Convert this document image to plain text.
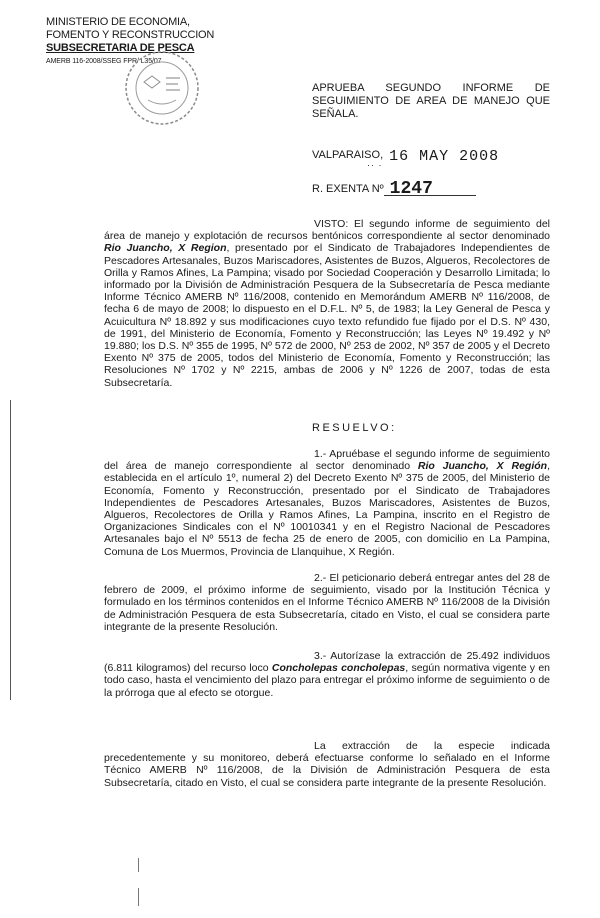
MINISTERIO DE ECONOMIA,
FOMENTO Y RECONSTRUCCION
SUBSECRETARIA DE PESCA
AMERB 116-2008/SSEG FPR/ L35/07
APRUEBA SEGUNDO INFORME DE SEGUIMIENTO DE AREA DE MANEJO QUE SEÑALA.
VALPARAISO, 16 MAY 2008
·· ·
R. EXENTA Nº 1247
VISTO: El segundo informe de seguimiento del área de manejo y explotación de recursos bentónicos correspondiente al sector denominado Rio Juancho, X Region, presentado por el Sindicato de Trabajadores Independientes de Pescadores Artesanales, Buzos Mariscadores, Asistentes de Buzos, Algueros, Recolectores de Orilla y Ramos Afines, La Pampina; visado por Sociedad Cooperación y Desarrollo Limitada; lo informado por la División de Administración Pesquera de la Subsecretaría de Pesca mediante Informe Técnico AMERB Nº 116/2008, contenido en Memorándum AMERB Nº 116/2008, de fecha 6 de mayo de 2008; lo dispuesto en el D.F.L. Nº 5, de 1983; la Ley General de Pesca y Acuicultura Nº 18.892 y sus modificaciones cuyo texto refundido fue fijado por el D.S. Nº 430, de 1991, del Ministerio de Economía, Fomento y Reconstrucción; las Leyes Nº 19.492 y Nº 19.880; los D.S. Nº 355 de 1995, Nº 572 de 2000, Nº 253 de 2002, Nº 357 de 2005 y el Decreto Exento Nº 375 de 2005, todos del Ministerio de Economía, Fomento y Reconstrucción; las Resoluciones Nº 1702 y Nº 2215, ambas de 2006 y Nº 1226 de 2007, todas de esta Subsecretaría.
RESUELVO:
1.- Apruébase el segundo informe de seguimiento del área de manejo correspondiente al sector denominado Rio Juancho, X Región, establecida en el artículo 1º, numeral 2) del Decreto Exento Nº 375 de 2005, del Ministerio de Economía, Fomento y Reconstrucción, presentado por el Sindicato de Trabajadores Independientes de Pescadores Artesanales, Buzos Mariscadores, Asistentes de Buzos, Algueros, Recolectores de Orilla y Ramos Afines, La Pampina, inscrito en el Registro de Organizaciones Sindicales con el Nº 10010341 y en el Registro Nacional de Pescadores Artesanales bajo el Nº 5513 de fecha 25 de enero de 2005, con domicilio en La Pampina, Comuna de Los Muermos, Provincia de Llanquihue, X Región.
2.- El peticionario deberá entregar antes del 28 de febrero de 2009, el próximo informe de seguimiento, visado por la Institución Técnica y formulado en los términos contenidos en el Informe Técnico AMERB Nº 116/2008 de la División de Administración Pesquera de esta Subsecretaría, citado en Visto, el cual se considera parte integrante de la presente Resolución.
3.- Autorízase la extracción de 25.492 individuos (6.811 kilogramos) del recurso loco Concholepas concholepas, según normativa vigente y en todo caso, hasta el vencimiento del plazo para entregar el próximo informe de seguimiento o de la prórroga que al efecto se otorgue.
La extracción de la especie indicada precedentemente y su monitoreo, deberá efectuarse conforme lo señalado en el Informe Técnico AMERB Nº 116/2008, de la División de Administración Pesquera de esta Subsecretaría, citado en Visto, el cual se considera parte integrante de la presente Resolución.
